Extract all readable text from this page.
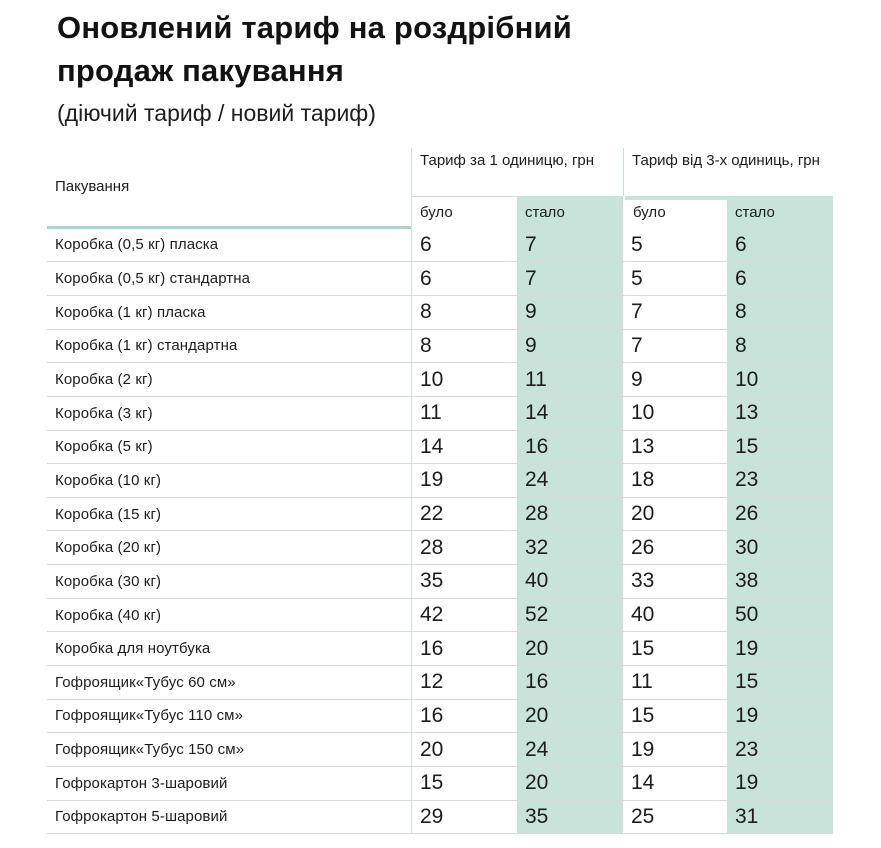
Оновлений тариф на роздрібний
продаж пакування
(діючий тариф / новий тариф)
Пакування
Тариф за 1 одиницю, грн	Тариф від 3-х одиниць, грн
було	стало	було	стало
Коробка (0,5 кг) пласка	6	7	5	6
Коробка (0,5 кг) стандартна	6	7	5	6
Коробка (1 кг) пласка	8	9	7	8
Коробка (1 кг) стандартна	8	9	7	8
Коробка (2 кг)	10	11	9	10
Коробка (3 кг)	11	14	10	13
Коробка (5 кг)	14	16	13	15
Коробка (10 кг)	19	24	18	23
Коробка (15 кг)	22	28	20	26
Коробка (20 кг)	28	32	26	30
Коробка (30 кг)	35	40	33	38
Коробка (40 кг)	42	52	40	50
Коробка для ноутбука	16	20	15	19
Гофроящик«Тубус 60 см»	12	16	11	15
Гофроящик«Тубус 110 см»	16	20	15	19
Гофроящик«Тубус 150 см»	20	24	19	23
Гофрокартон 3-шаровий	15	20	14	19
Гофрокартон 5-шаровий	29	35	25	31
